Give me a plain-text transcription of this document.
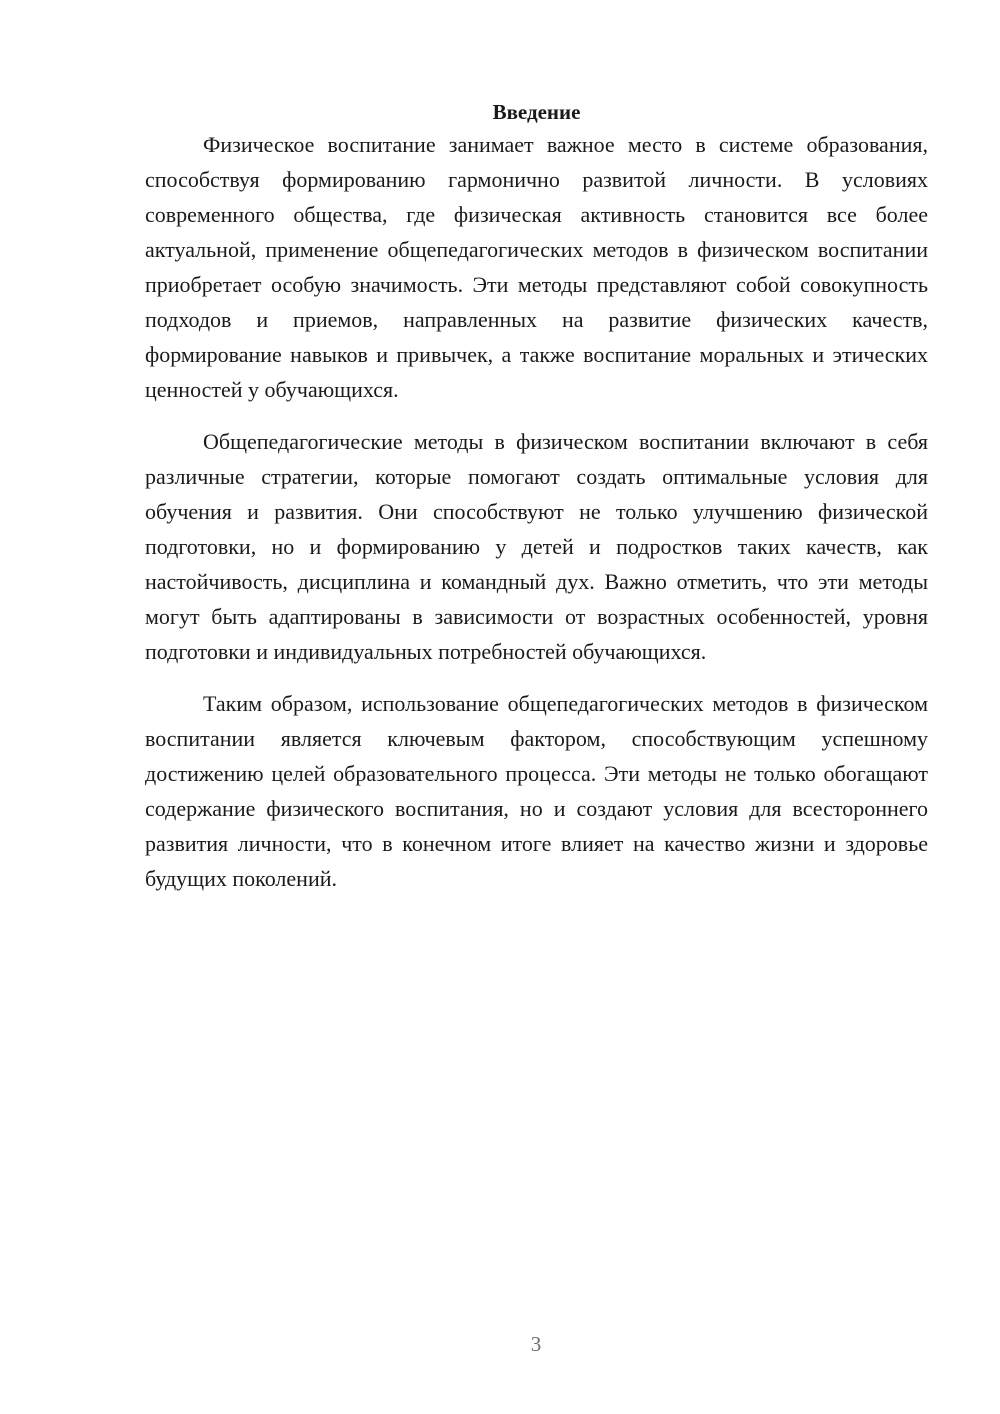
Введение

Физическое воспитание занимает важное место в системе образования, способствуя формированию гармонично развитой личности. В условиях современного общества, где физическая активность становится все более актуальной, применение общепедагогических методов в физическом воспитании приобретает особую значимость. Эти методы представляют собой совокупность подходов и приемов, направленных на развитие физических качеств, формирование навыков и привычек, а также воспитание моральных и этических ценностей у обучающихся.

Общепедагогические методы в физическом воспитании включают в себя различные стратегии, которые помогают создать оптимальные условия для обучения и развития. Они способствуют не только улучшению физической подготовки, но и формированию у детей и подростков таких качеств, как настойчивость, дисциплина и командный дух. Важно отметить, что эти методы могут быть адаптированы в зависимости от возрастных особенностей, уровня подготовки и индивидуальных потребностей обучающихся.

Таким образом, использование общепедагогических методов в физическом воспитании является ключевым фактором, способствующим успешному достижению целей образовательного процесса. Эти методы не только обогащают содержание физического воспитания, но и создают условия для всестороннего развития личности, что в конечном итоге влияет на качество жизни и здоровье будущих поколений.

3
